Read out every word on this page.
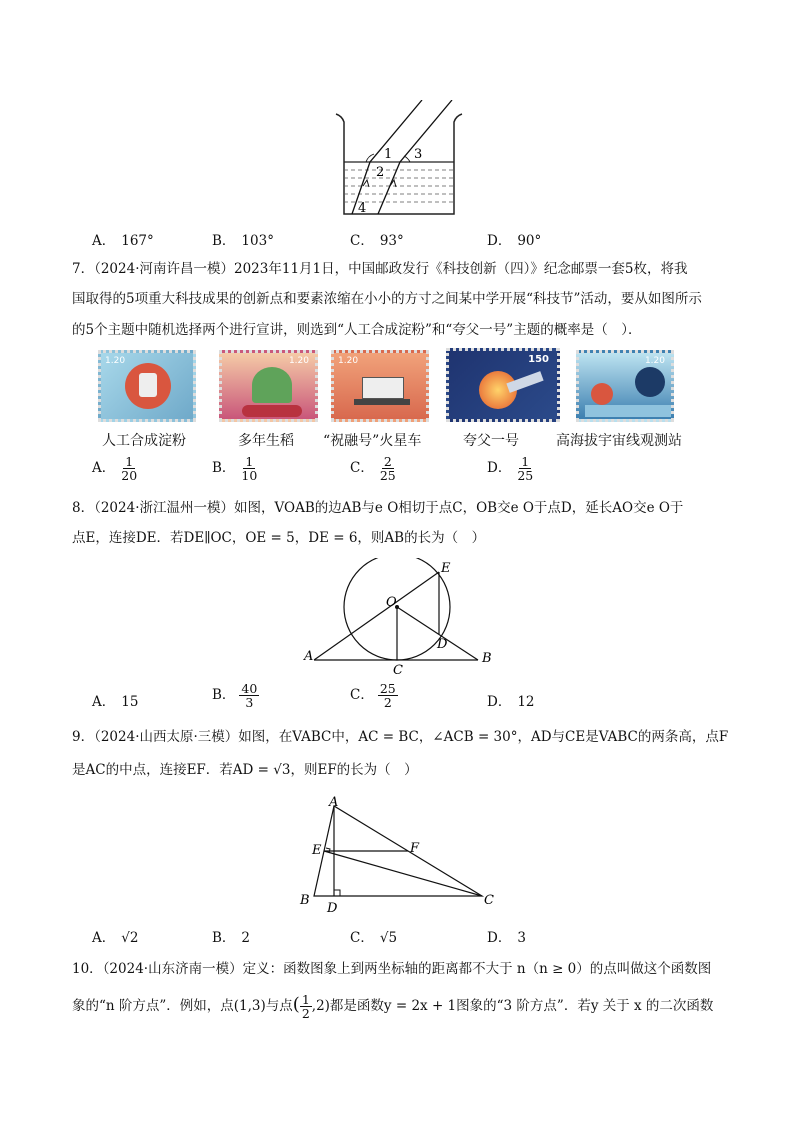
1
2
3
4
A． 167°	B． 103°	C． 93°	D． 90°
7．（2024·河南许昌一模）2023年11月1日，中国邮政发行《科技创新（四）》纪念邮票一套5枚，将我
国取得的5项重大科技成果的创新点和要素浓缩在小小的方寸之间某中学开展“科技节”活动，要从如图所示
的5个主题中随机选择两个进行宣讲，则选到“人工合成淀粉”和“夸父一号”主题的概率是（　）．
1.20	1.20	1.20	150	1.20
人工合成淀粉	多年生稻 “祝融号”火星车	夸父一号	高海拔宇宙线观测站
A． $\frac{1}{20}$	B． $\frac{1}{10}$	C． $\frac{2}{25}$	D． $\frac{1}{25}$
8．（2024·浙江温州一模）如图，VOAB的边AB与e O相切于点C，OB交e O于点D，延长AO交e O于
点E，连接DE．若DE∥OC，OE = 5，DE = 6，则AB的长为（　）
A	B
C
D
E
O
A． 15	B． $\frac{40}{3}$	C． $\frac{25}{2}$	D． 12
9．（2024·山西太原·三模）如图，在VABC中，AC = BC，∠ACB = 30°，AD与CE是VABC的两条高，点F
是AC的中点，连接EF．若AD = √3，则EF的长为（　）
A
B	C
D
E	F
A． √2	B． 2	C． √5	D． 3
10．（2024·山东济南一模）定义：函数图象上到两坐标轴的距离都不大于 n（n ≥ 0）的点叫做这个函数图
象的“n 阶方点”．例如，点(1,3)与点( $\frac{1}{2} ,2$)都是函数y = 2x + 1图象的“3 阶方点”．若y 关于 x 的二次函数
